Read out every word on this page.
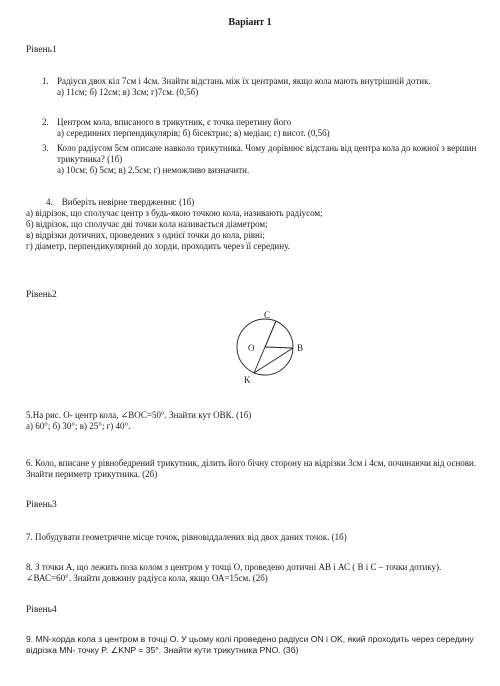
Варіант 1
Рівень1
1. Радіуси двох кіл 7см і 4см. Знайти відстань між їх центрами, якщо кола мають внутрішній дотик.
а) 11см; б) 12см; в) 3см; г)7см. (0,5б)
2. Центром кола, вписаного в трикутник, є точка перетину його
а) серединних перпендикулярів; б) бісектрис; в) медіан; г) висот. (0,5б)
3. Коло радіусом 5см описане навколо трикутника. Чому дорівнює відстань від центра кола до кожної з вершин трикутника? (1б)
а) 10см; б) 5см; в) 2,5см; г) неможливо визначити.
4. Виберіть невірне твердження: (1б)
а) відрізок, що сполучає центр з будь-якою точкою кола, називають радіусом;
б) відрізок, що сполучає дві точки кола називається діаметром;
в) відрізки дотичних, проведених з однієї точки до кола, рівні;
г) діаметр, перпендикулярний до хорди, проходить через її середину.
Рівень2
C
O	B
K
5.На рис. О- центр кола, ∠ВОС=50°. Знайти кут ОВК. (1б)
а) 60°; б) 30°; в) 25°; г) 40°.
6. Коло, вписане у рівнобедрений трикутник, ділить його бічну сторону на відрізки 3см і 4см, починаючи від основи. Знайти периметр трикутника. (2б)
Рівень3
7. Побудувати геометричне місце точок, рівновіддалених від двох даних точок. (1б)
8. З точки А, що лежить поза колом з центром у точці О, проведено дотичні АВ і АС ( В і С – точки дотику). ∠ВАС=60°. Знайти довжину радіуса кола, якщо ОА=15см. (2б)
Рівень4
9. MN-хорда кола з центром в точці О. У цьому колі проведено радіуси ON і OK, який проходить через середину відрізка MN- точку P. ∠KNP = 35°. Знайти кути трикутника PNO. (3б)
